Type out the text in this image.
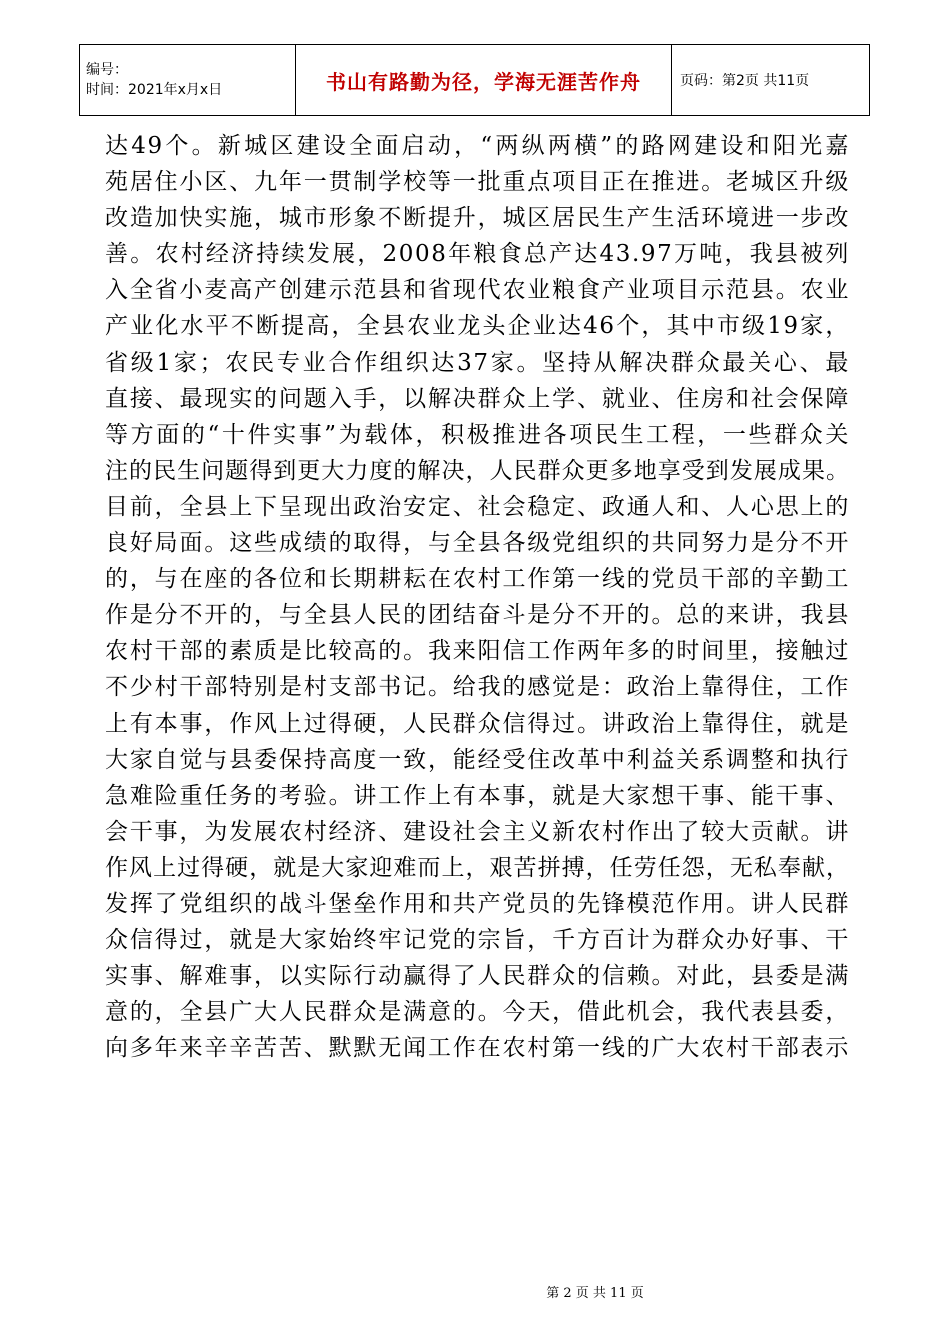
编号：
时间：2021年x月x日	书山有路勤为径，学海无涯苦作舟	页码：第2页 共11页
达49个。新城区建设全面启动，“两纵两横”的路网建设和阳光嘉
苑居住小区、九年一贯制学校等一批重点项目正在推进。老城区升级
改造加快实施，城市形象不断提升，城区居民生产生活环境进一步改
善。农村经济持续发展，2008年粮食总产达43.97万吨，我县被列
入全省小麦高产创建示范县和省现代农业粮食产业项目示范县。农业
产业化水平不断提高，全县农业龙头企业达46个，其中市级19家，
省级1家；农民专业合作组织达37家。坚持从解决群众最关心、最
直接、最现实的问题入手，以解决群众上学、就业、住房和社会保障
等方面的“十件实事”为载体，积极推进各项民生工程，一些群众关
注的民生问题得到更大力度的解决，人民群众更多地享受到发展成果。
目前，全县上下呈现出政治安定、社会稳定、政通人和、人心思上的
良好局面。这些成绩的取得，与全县各级党组织的共同努力是分不开
的，与在座的各位和长期耕耘在农村工作第一线的党员干部的辛勤工
作是分不开的，与全县人民的团结奋斗是分不开的。总的来讲，我县
农村干部的素质是比较高的。我来阳信工作两年多的时间里，接触过
不少村干部特别是村支部书记。给我的感觉是：政治上靠得住，工作
上有本事，作风上过得硬，人民群众信得过。讲政治上靠得住，就是
大家自觉与县委保持高度一致，能经受住改革中利益关系调整和执行
急难险重任务的考验。讲工作上有本事，就是大家想干事、能干事、
会干事，为发展农村经济、建设社会主义新农村作出了较大贡献。讲
作风上过得硬，就是大家迎难而上，艰苦拼搏，任劳任怨，无私奉献，
发挥了党组织的战斗堡垒作用和共产党员的先锋模范作用。讲人民群
众信得过，就是大家始终牢记党的宗旨，千方百计为群众办好事、干
实事、解难事，以实际行动赢得了人民群众的信赖。对此，县委是满
意的，全县广大人民群众是满意的。今天，借此机会，我代表县委，
向多年来辛辛苦苦、默默无闻工作在农村第一线的广大农村干部表示
第 2 页 共 11 页
